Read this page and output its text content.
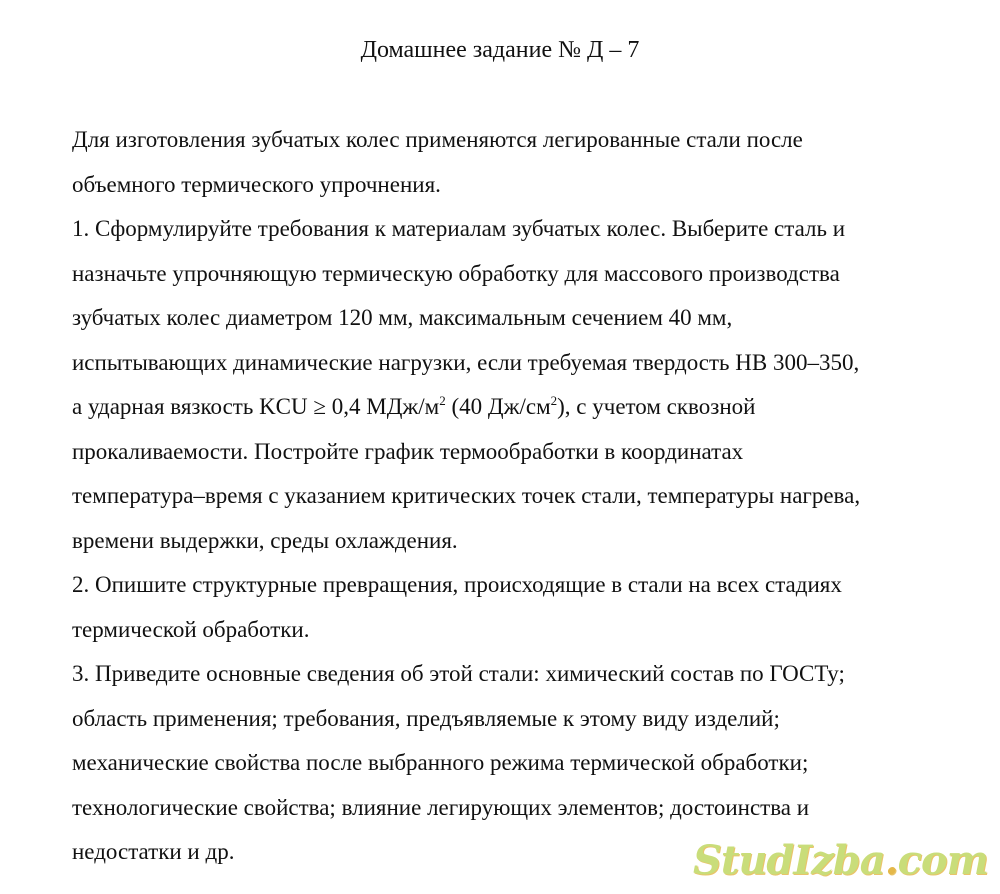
Домашнее задание № Д – 7
Для изготовления зубчатых колес применяются легированные стали после
объемного термического упрочнения.
1. Сформулируйте требования к материалам зубчатых колес. Выберите сталь и
назначьте упрочняющую термическую обработку для массового производства
зубчатых колес диаметром 120 мм, максимальным сечением 40 мм,
испытывающих динамические нагрузки, если требуемая твердость НВ 300–350,
а ударная вязкость KCU ≥ 0,4 МДж/$м^2$ (40 $Дж/см^2$), с учетом сквозной
прокаливаемости. Постройте график термообработки в координатах
температура–время с указанием критических точек стали, температуры нагрева,
времени выдержки, среды охлаждения.
2. Опишите структурные превращения, происходящие в стали на всех стадиях
термической обработки.
3. Приведите основные сведения об этой стали: химический состав по ГОСТу;
область применения; требования, предъявляемые к этому виду изделий;
механические свойства после выбранного режима термической обработки;
технологические свойства; влияние легирующих элементов; достоинства и
недостатки и др.	StudIzba.com
